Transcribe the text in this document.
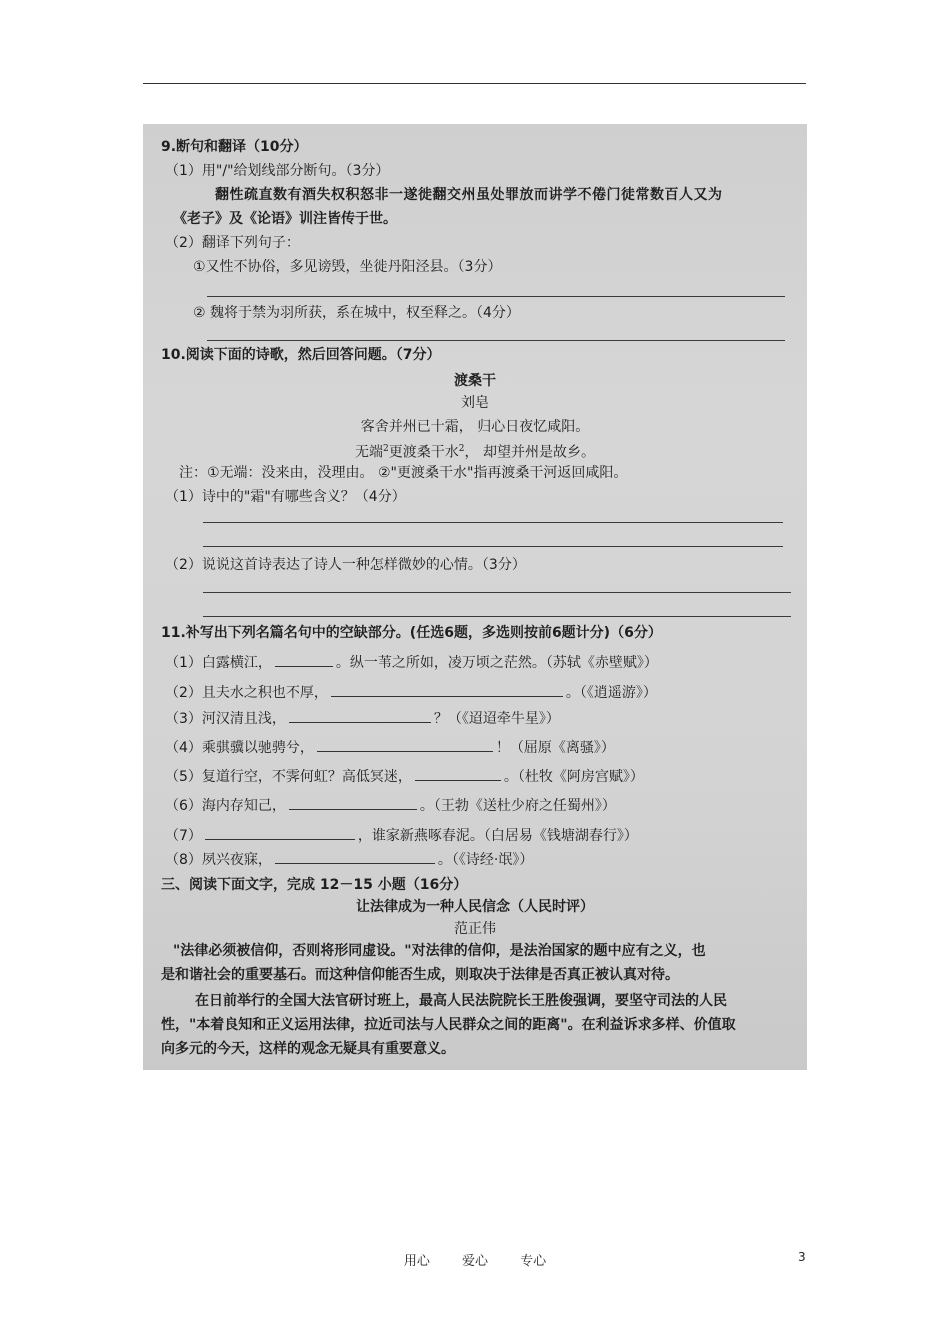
9.断句和翻译（10分）
（1）用"/"给划线部分断句。（3分）
翻性疏直数有酒失权积怒非一遂徙翻交州虽处罪放而讲学不倦门徒常数百人又为
《老子》及《论语》训注皆传于世。
（2）翻译下列句子：
①又性不协俗，多见谤毁，坐徙丹阳泾县。（3分）
② 魏将于禁为羽所获，系在城中，权至释之。（4分）
10.阅读下面的诗歌，然后回答问题。（7分）
渡桑干
刘皂
客舍并州已十霜， 归心日夜忆咸阳。
无端$^2$更渡桑干水$^2$， 却望并州是故乡。
注：①无端：没来由，没理由。 ②"更渡桑干水"指再渡桑干河返回咸阳。
（1）诗中的"霜"有哪些含义？（4分）
（2）说说这首诗表达了诗人一种怎样微妙的心情。（3分）
11.补写出下列名篇名句中的空缺部分。(任选6题，多选则按前6题计分)（6分）
（1）白露横江，	。纵一苇之所如，凌万顷之茫然。（苏轼《赤壁赋》）
（2）且夫水之积也不厚，	。（《逍遥游》）
（3）河汉清且浅，	？（《迢迢牵牛星》）
（4）乘骐骥以驰骋兮，	！（屈原《离骚》）
（5）复道行空，不霁何虹？高低冥迷，	。（杜牧《阿房宫赋》）
（6）海内存知己，	。（王勃《送杜少府之任蜀州》）
（7）	，谁家新燕啄春泥。（白居易《钱塘湖春行》）
（8）夙兴夜寐，	。（《诗经·氓》）
三、阅读下面文字，完成 12－15 小题（16分）
让法律成为一种人民信念（人民时评）
范正伟
"法律必须被信仰，否则将形同虚设。"对法律的信仰，是法治国家的题中应有之义，也
是和谐社会的重要基石。而这种信仰能否生成，则取决于法律是否真正被认真对待。
在日前举行的全国大法官研讨班上，最高人民法院院长王胜俊强调，要坚守司法的人民
性，"本着良知和正义运用法律，拉近司法与人民群众之间的距离"。在利益诉求多样、价值取
向多元的今天，这样的观念无疑具有重要意义。
用心 爱心 专心	3
